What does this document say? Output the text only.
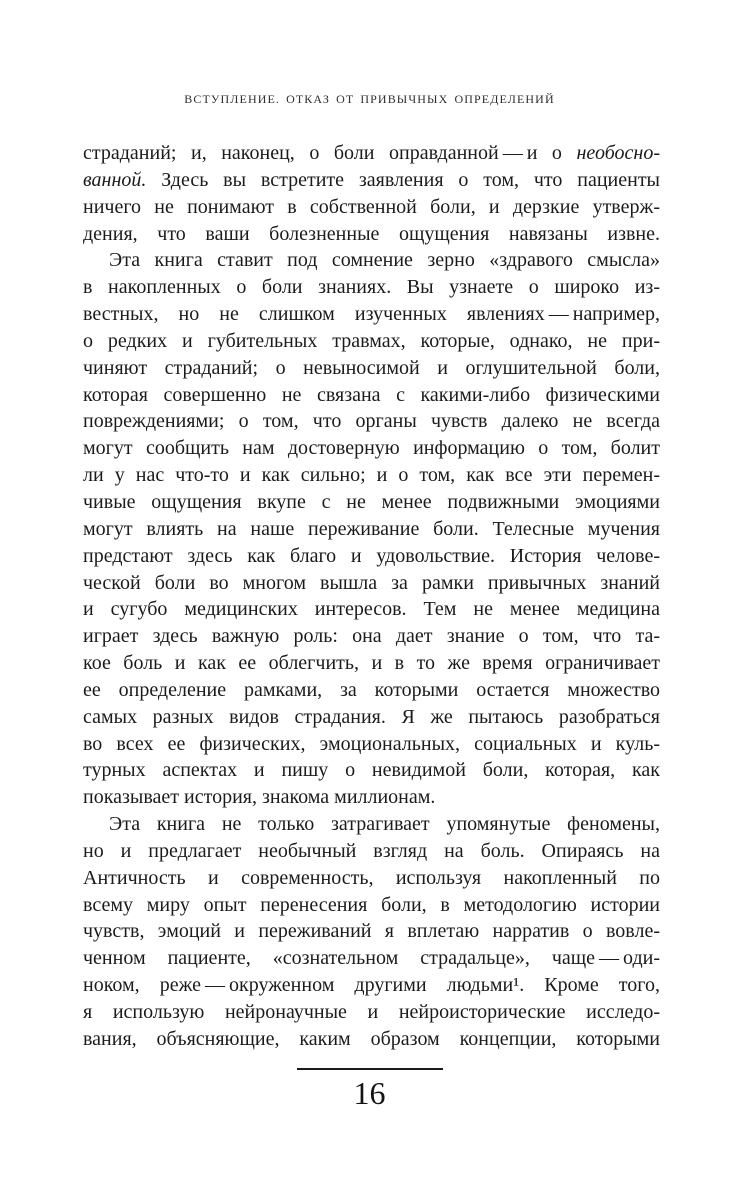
ВСТУПЛЕНИЕ. ОТКАЗ ОТ ПРИВЫЧНЫХ ОПРЕДЕЛЕНИЙ
страданий; и, наконец, о боли оправданной — и о необосно-
ванной. Здесь вы встретите заявления о том, что пациенты
ничего не понимают в собственной боли, и дерзкие утверж-
дения, что ваши болезненные ощущения навязаны извне.
Эта книга ставит под сомнение зерно «здравого смысла»
в накопленных о боли знаниях. Вы узнаете о широко из-
вестных, но не слишком изученных явлениях — например,
о редких и губительных травмах, которые, однако, не при-
чиняют страданий; о невыносимой и оглушительной боли,
которая совершенно не связана с какими-либо физическими
повреждениями; о том, что органы чувств далеко не всегда
могут сообщить нам достоверную информацию о том, болит
ли у нас что-то и как сильно; и о том, как все эти перемен-
чивые ощущения вкупе с не менее подвижными эмоциями
могут влиять на наше переживание боли. Телесные мучения
предстают здесь как благо и удовольствие. История челове-
ческой боли во многом вышла за рамки привычных знаний
и сугубо медицинских интересов. Тем не менее медицина
играет здесь важную роль: она дает знание о том, что та-
кое боль и как ее облегчить, и в то же время ограничивает
ее определение рамками, за которыми остается множество
самых разных видов страдания. Я же пытаюсь разобраться
во всех ее физических, эмоциональных, социальных и куль-
турных аспектах и пишу о невидимой боли, которая, как
показывает история, знакома миллионам.
Эта книга не только затрагивает упомянутые феномены,
но и предлагает необычный взгляд на боль. Опираясь на
Античность и современность, используя накопленный по
всему миру опыт перенесения боли, в методологию истории
чувств, эмоций и переживаний я вплетаю нарратив о вовле-
ченном пациенте, «сознательном страдальце», чаще — оди-
ноком, реже — окруженном другими людьми¹. Кроме того,
я использую нейронаучные и нейроисторические исследо-
вания, объясняющие, каким образом концепции, которыми
16
